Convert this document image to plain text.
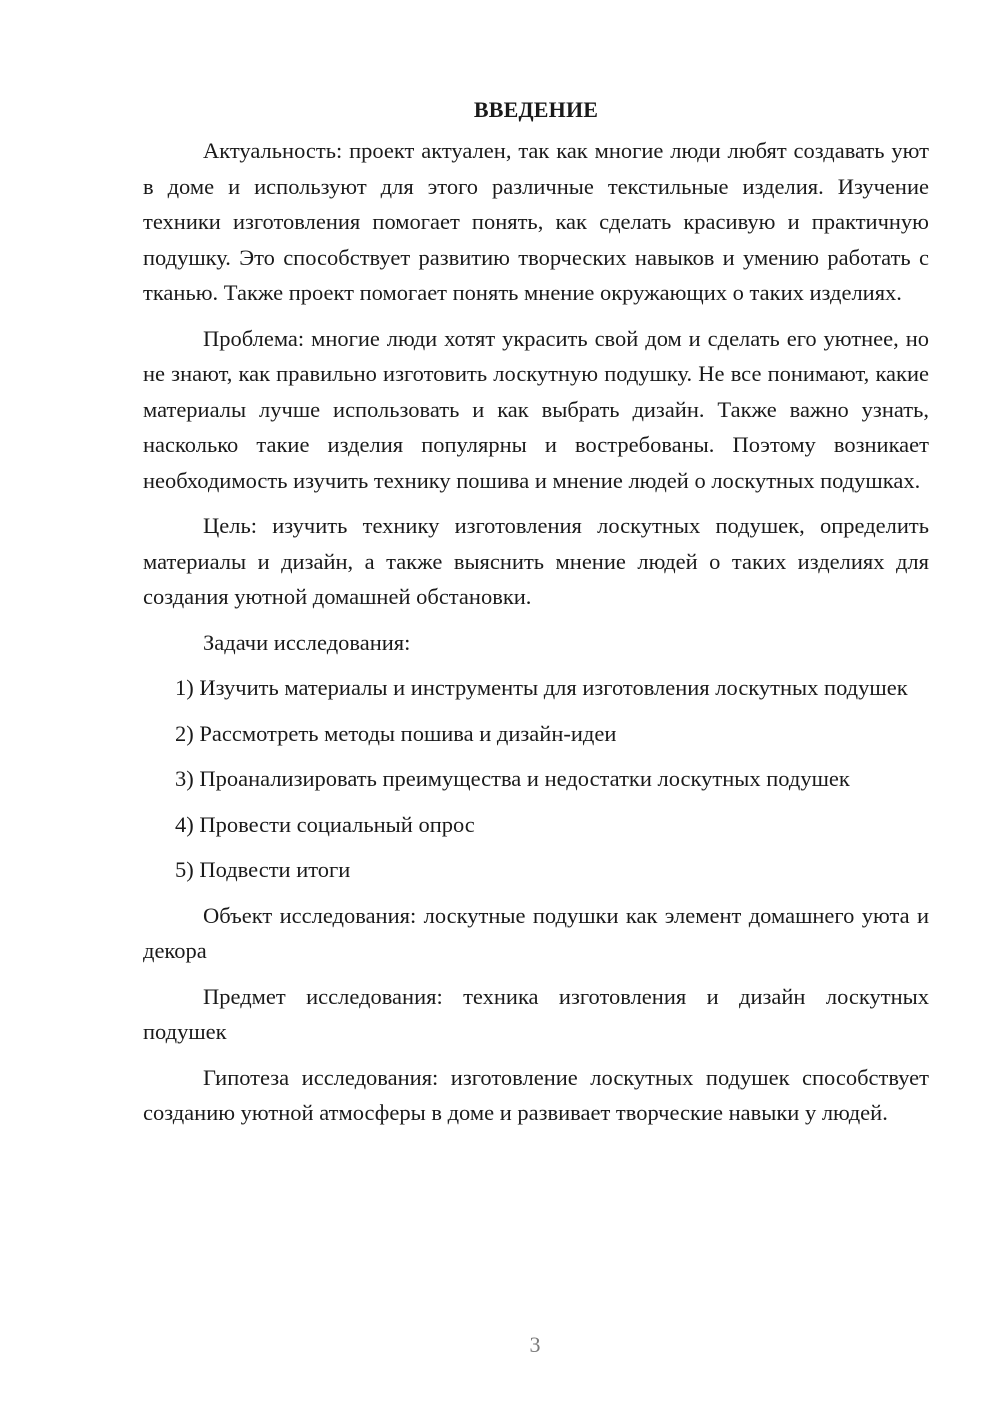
ВВЕДЕНИЕ

Актуальность: проект актуален, так как многие люди любят создавать уют в доме и используют для этого различные текстильные изделия. Изучение техники изготовления помогает понять, как сделать красивую и практичную подушку. Это способствует развитию творческих навыков и умению работать с тканью. Также проект помогает понять мнение окружающих о таких изделиях.

Проблема: многие люди хотят украсить свой дом и сделать его уютнее, но не знают, как правильно изготовить лоскутную подушку. Не все понимают, какие материалы лучше использовать и как выбрать дизайн. Также важно узнать, насколько такие изделия популярны и востребованы. Поэтому возникает необходимость изучить технику пошива и мнение людей о лоскутных подушках.

Цель: изучить технику изготовления лоскутных подушек, определить материалы и дизайн, а также выяснить мнение людей о таких изделиях для создания уютной домашней обстановки.

Задачи исследования:

1) Изучить материалы и инструменты для изготовления лоскутных подушек

2) Рассмотреть методы пошива и дизайн-идеи

3) Проанализировать преимущества и недостатки лоскутных подушек

4) Провести социальный опрос

5) Подвести итоги

Объект исследования: лоскутные подушки как элемент домашнего уюта и декора

Предмет исследования: техника изготовления и дизайн лоскутных подушек

Гипотеза исследования: изготовление лоскутных подушек способствует созданию уютной атмосферы в доме и развивает творческие навыки у людей.

3
